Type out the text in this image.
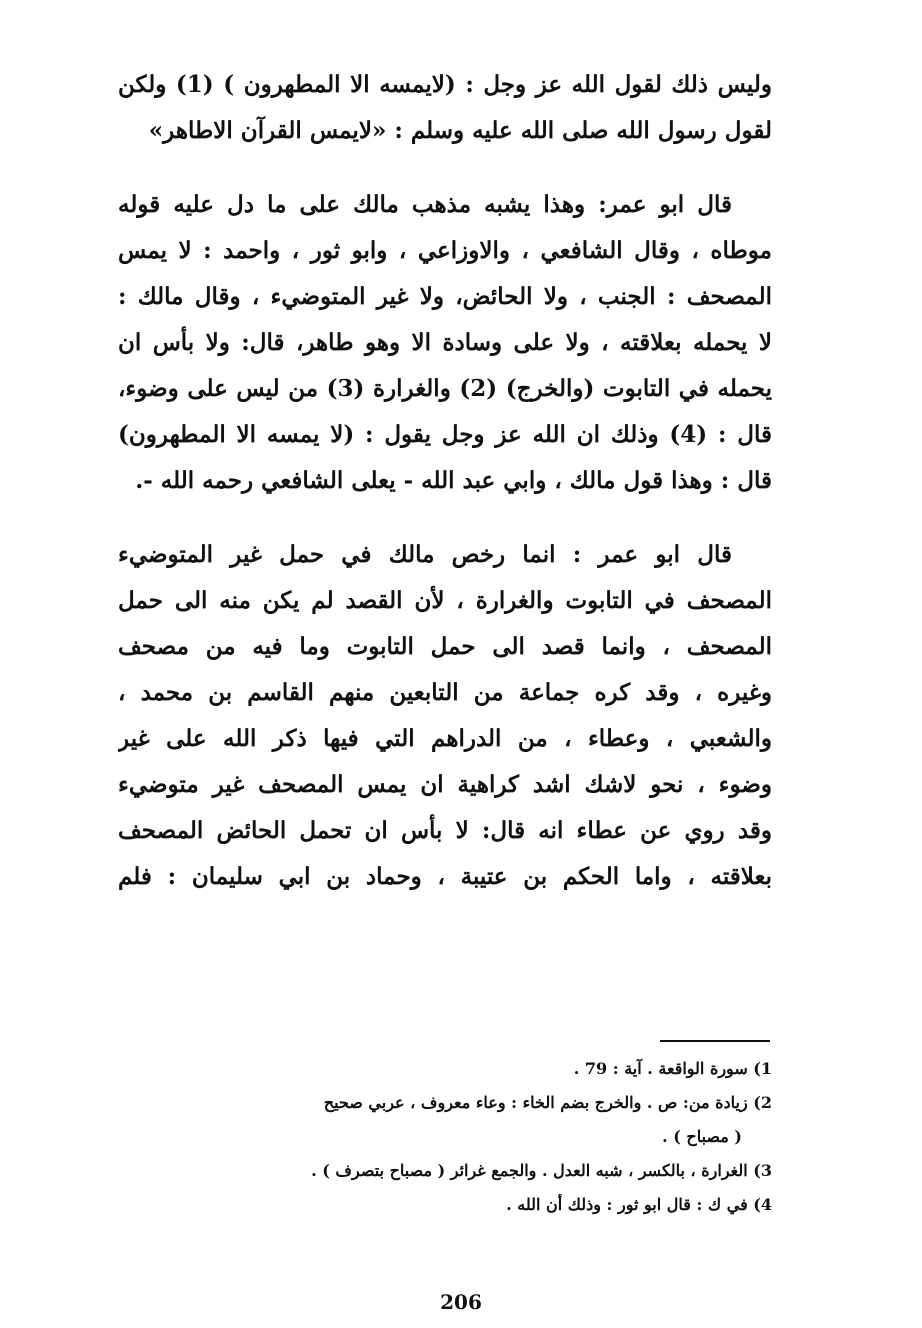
وليس ذلك لقول الله عز وجل : (لايمسه الا المطهرون ) (1) ولكن
لقول رسول الله صلى الله عليه وسلم : «لايمس القرآن الاطاهر»
قال ابو عمر: وهذا يشبه مذهب مالك على ما دل عليه قوله
موطاه ، وقال الشافعي ، والاوزاعي ، وابو ثور ، واحمد : لا يمس
المصحف : الجنب ، ولا الحائض، ولا غير المتوضيء ، وقال مالك :
لا يحمله بعلاقته ، ولا على وسادة الا وهو طاهر، قال: ولا بأس ان
يحمله في التابوت (والخرج) (2) والغرارة (3) من ليس على وضوء،
قال : (4) وذلك ان الله عز وجل يقول : (لا يمسه الا المطهرون)
قال : وهذا قول مالك ، وابي عبد الله - يعلى الشافعي رحمه الله -.
قال ابو عمر : انما رخص مالك في حمل غير المتوضيء
المصحف في التابوت والغرارة ، لأن القصد لم يكن منه الى حمل
المصحف ، وانما قصد الى حمل التابوت وما فيه من مصحف
وغيره ، وقد كره جماعة من التابعين منهم القاسم بن محمد ،
والشعبي ، وعطاء ، من الدراهم التي فيها ذكر الله على غير
وضوء ، نحو لاشك اشد كراهية ان يمس المصحف غير متوضيء
وقد روي عن عطاء انه قال: لا بأس ان تحمل الحائض المصحف
بعلاقته ، واما الحكم بن عتيبة ، وحماد بن ابي سليمان : فلم
1) سورة الواقعة . آية : 79 .
2) زيادة من: ص . والخرج بضم الخاء : وعاء معروف ، عربي صحيح
( مصباح ) .
3) الغرارة ، بالكسر ، شبه العدل . والجمع غرائر ( مصباح بتصرف ) .
4) في ك : قال ابو ثور : وذلك أن الله .
206
